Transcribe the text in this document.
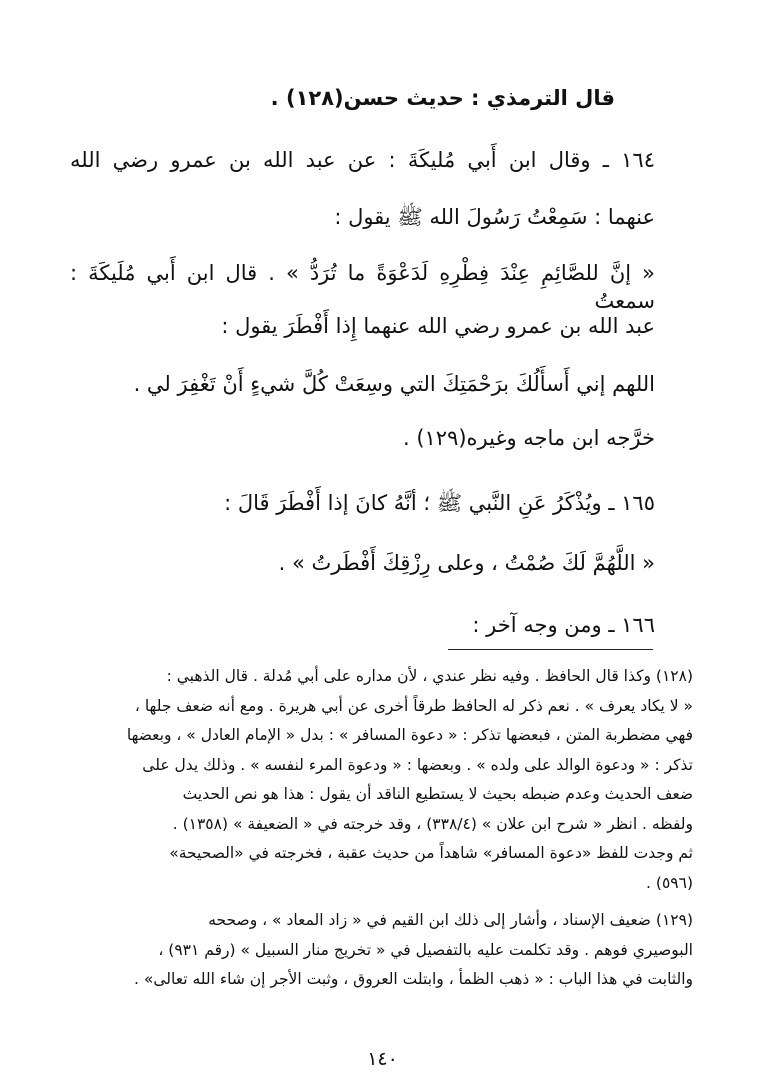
قال الترمذي : حديث حسن(١٢٨) .
١٦٤ ـ وقال ابن أَبي مُليكَةَ : عن عبد الله بن عمرو رضي الله
عنهما : سَمِعْتُ رَسُولَ الله ﷺ يقول :
« إنَّ للصَّائِمِ عِنْدَ فِطْرِهِ لَدَعْوَةً ما تُرَدُّ » . قال ابن أَبي مُلَيكَةَ : سمعتُ
عبد الله بن عمرو رضي الله عنهما إِذا أَفْطَرَ يقول :
اللهم إني أَسأَلُكَ برَحْمَتِكَ التي وسِعَتْ كُلَّ شيءٍ أَنْ تَغْفِرَ لي .
خرَّجه ابن ماجه وغيره(١٢٩) .
١٦٥ ـ ويُذْكَرُ عَنِ النَّبي ﷺ ؛ أنَّهُ كانَ إذا أَفْطَرَ قَالَ :
« اللَّهُمَّ لَكَ صُمْتُ ، وعلى رِزْقِكَ أَفْطَرتُ » .
١٦٦ ـ ومن وجه آخر :

(١٢٨) وكذا قال الحافظ . وفيه نظر عندي ، لأن مداره على أبي مُدلة . قال الذهبي :

« لا يكاد يعرف » . نعم ذكر له الحافظ طرقاً أخرى عن أبي هريرة . ومع أنه ضعف جلها ،

فهي مضطربة المتن ، فبعضها تذكر : « دعوة المسافر » : بدل « الإمام العادل » ، وبعضها

تذكر : « ودعوة الوالد على ولده » . وبعضها : « ودعوة المرء لنفسه » . وذلك يدل على

ضعف الحديث وعدم ضبطه بحيث لا يستطيع الناقد أن يقول : هذا هو نص الحديث

ولفظه . انظر « شرح ابن علان » (٣٣٨/٤) ، وقد خرجته في « الضعيفة » (١٣٥٨) .

ثم وجدت للفظ «دعوة المسافر» شاهداً من حديث عقبة ، فخرجته في «الصحيحة»

(٥٩٦) .

(١٢٩) ضعيف الإسناد ، وأشار إلى ذلك ابن القيم في « زاد المعاد » ، وصححه

البوصيري فوهم . وقد تكلمت عليه بالتفصيل في « تخريج منار السبيل » (رقم ٩٣١) ،

والثابت في هذا الباب : « ذهب الظمأ ، وابتلت العروق ، وثبت الأجر إن شاء الله تعالى» .

١٤٠
